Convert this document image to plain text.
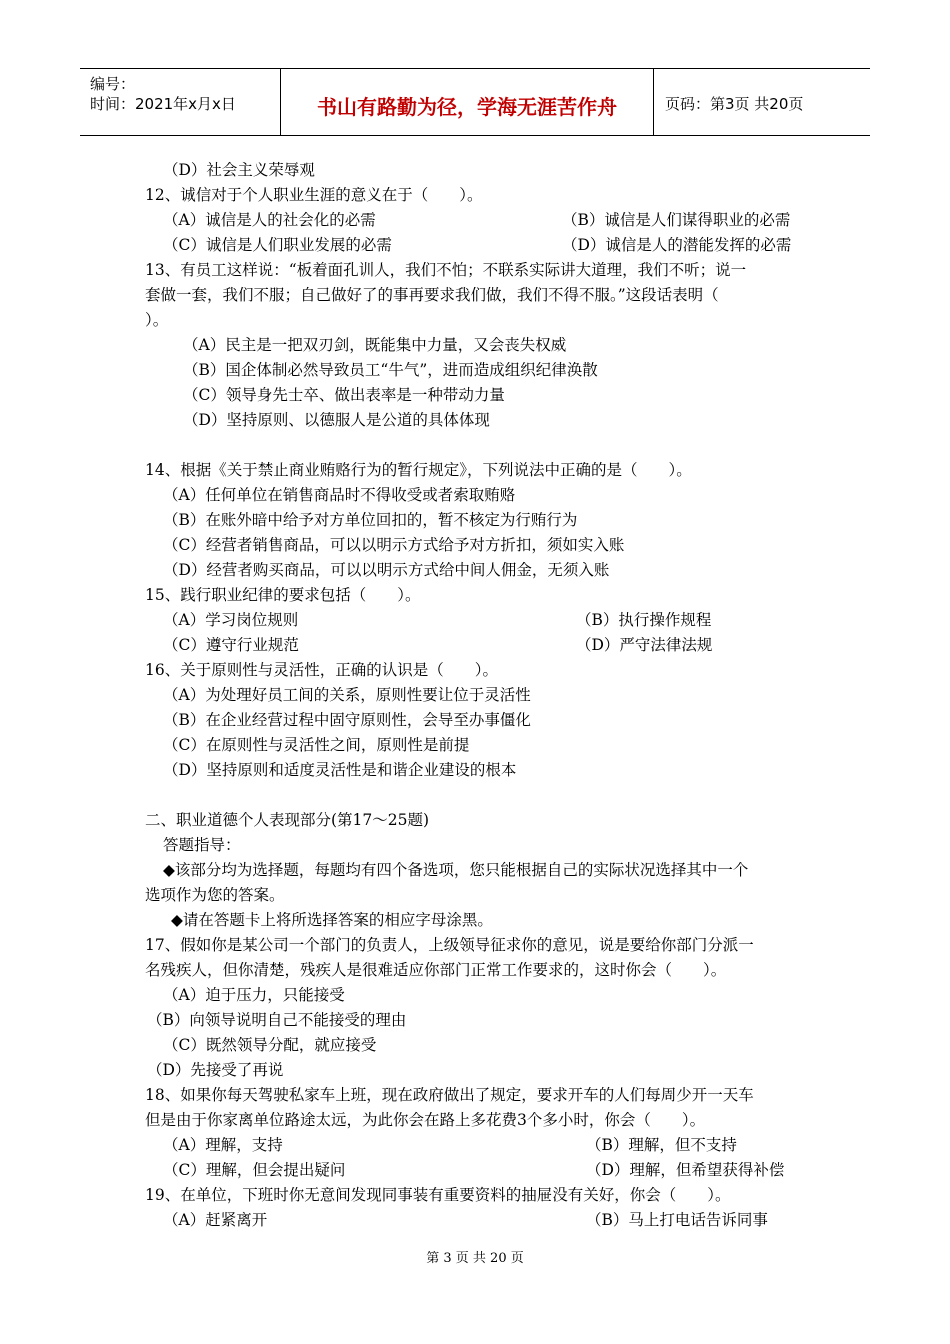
编号：
时间：2021年x月x日	书山有路勤为径，学海无涯苦作舟	页码：第3页 共20页
（D）社会主义荣辱观
12、诚信对于个人职业生涯的意义在于（　　）。
（A）诚信是人的社会化的必需	（B）诚信是人们谋得职业的必需
（C）诚信是人们职业发展的必需	（D）诚信是人的潜能发挥的必需
13、有员工这样说：“板着面孔训人，我们不怕；不联系实际讲大道理，我们不听；说一
套做一套，我们不服；自己做好了的事再要求我们做，我们不得不服。”这段话表明（
）。
（A）民主是一把双刃剑，既能集中力量，又会丧失权威
（B）国企体制必然导致员工“牛气”，进而造成组织纪律涣散
（C）领导身先士卒、做出表率是一种带动力量
（D）坚持原则、以德服人是公道的具体体现
14、根据《关于禁止商业贿赂行为的暂行规定》，下列说法中正确的是（　　）。
（A）任何单位在销售商品时不得收受或者索取贿赂
（B）在账外暗中给予对方单位回扣的，暂不核定为行贿行为
（C）经营者销售商品，可以以明示方式给予对方折扣，须如实入账
（D）经营者购买商品，可以以明示方式给中间人佣金，无须入账
15、践行职业纪律的要求包括（　　）。
（A）学习岗位规则	（B）执行操作规程
（C）遵守行业规范	（D）严守法律法规
16、关于原则性与灵活性，正确的认识是（　　）。
（A）为处理好员工间的关系，原则性要让位于灵活性
（B）在企业经营过程中固守原则性，会导至办事僵化
（C）在原则性与灵活性之间，原则性是前提
（D）坚持原则和适度灵活性是和谐企业建设的根本
二、职业道德个人表现部分(第17～25题)
答题指导：
◆该部分均为选择题，每题均有四个备选项，您只能根据自己的实际状况选择其中一个
选项作为您的答案。
◆请在答题卡上将所选择答案的相应字母涂黑。
17、假如你是某公司一个部门的负责人，上级领导征求你的意见，说是要给你部门分派一
名残疾人，但你清楚，残疾人是很难适应你部门正常工作要求的，这时你会（　　）。
（A）迫于压力，只能接受
（B）向领导说明自己不能接受的理由
（C）既然领导分配，就应接受
（D）先接受了再说
18、如果你每天驾驶私家车上班，现在政府做出了规定，要求开车的人们每周少开一天车
但是由于你家离单位路途太远，为此你会在路上多花费3个多小时，你会（　　）。
（A）理解，支持	（B）理解，但不支持
（C）理解，但会提出疑问	（D）理解，但希望获得补偿
19、在单位，下班时你无意间发现同事装有重要资料的抽屉没有关好，你会（　　）。
（A）赶紧离开	（B）马上打电话告诉同事
第 3 页 共 20 页
